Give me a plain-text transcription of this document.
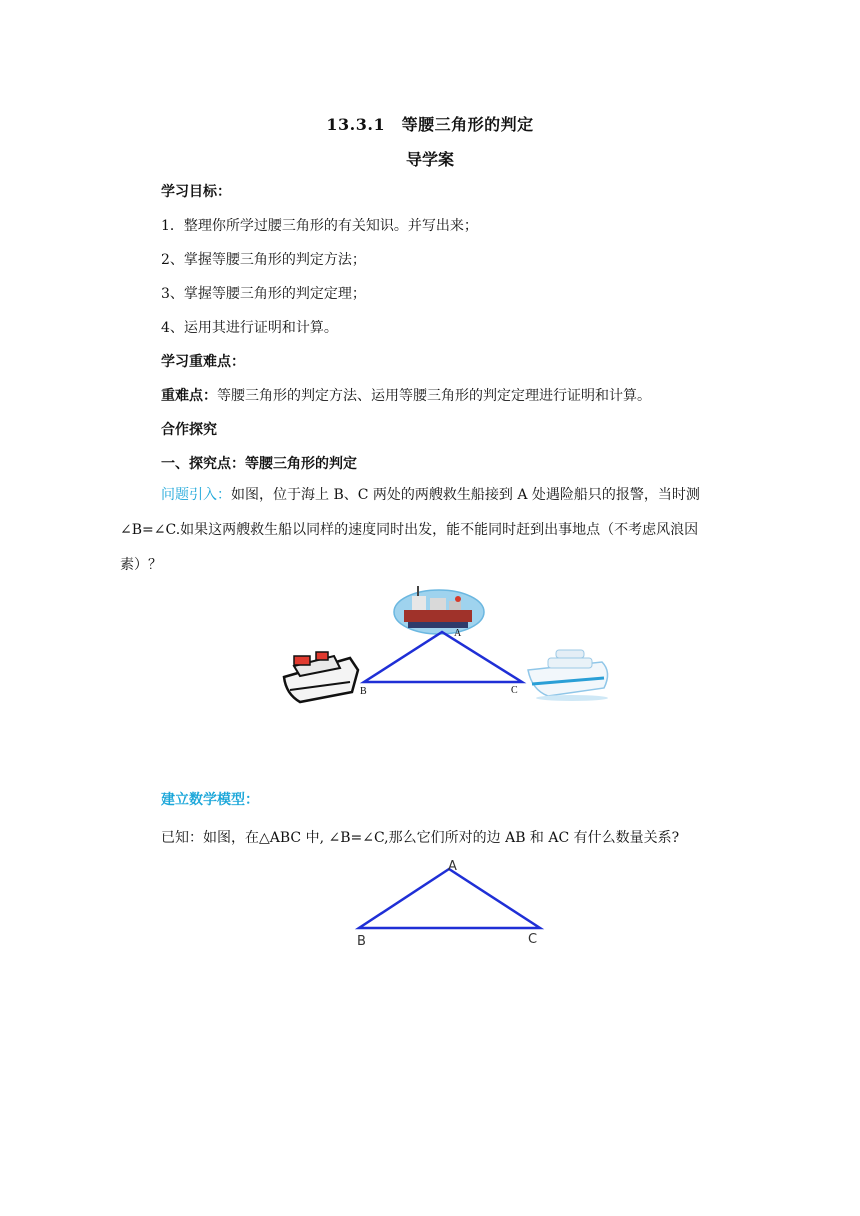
13.3.1　等腰三角形的判定
导学案
学习目标：
1．整理你所学过腰三角形的有关知识。并写出来；
2、掌握等腰三角形的判定方法；
3、掌握等腰三角形的判定定理；
4、运用其进行证明和计算。
学习重难点：
重难点：等腰三角形的判定方法、运用等腰三角形的判定定理进行证明和计算。
合作探究
一、探究点：等腰三角形的判定
问题引入：如图，位于海上 B、C 两处的两艘救生船接到 A 处遇险船只的报警，当时测∠B=∠C.如果这两艘救生船以同样的速度同时出发，能不能同时赶到出事地点（不考虑风浪因素）？
A
B	C
建立数学模型：
已知：如图，在△ABC 中, ∠B=∠C,那么它们所对的边 AB 和 AC 有什么数量关系?
A
B	C
